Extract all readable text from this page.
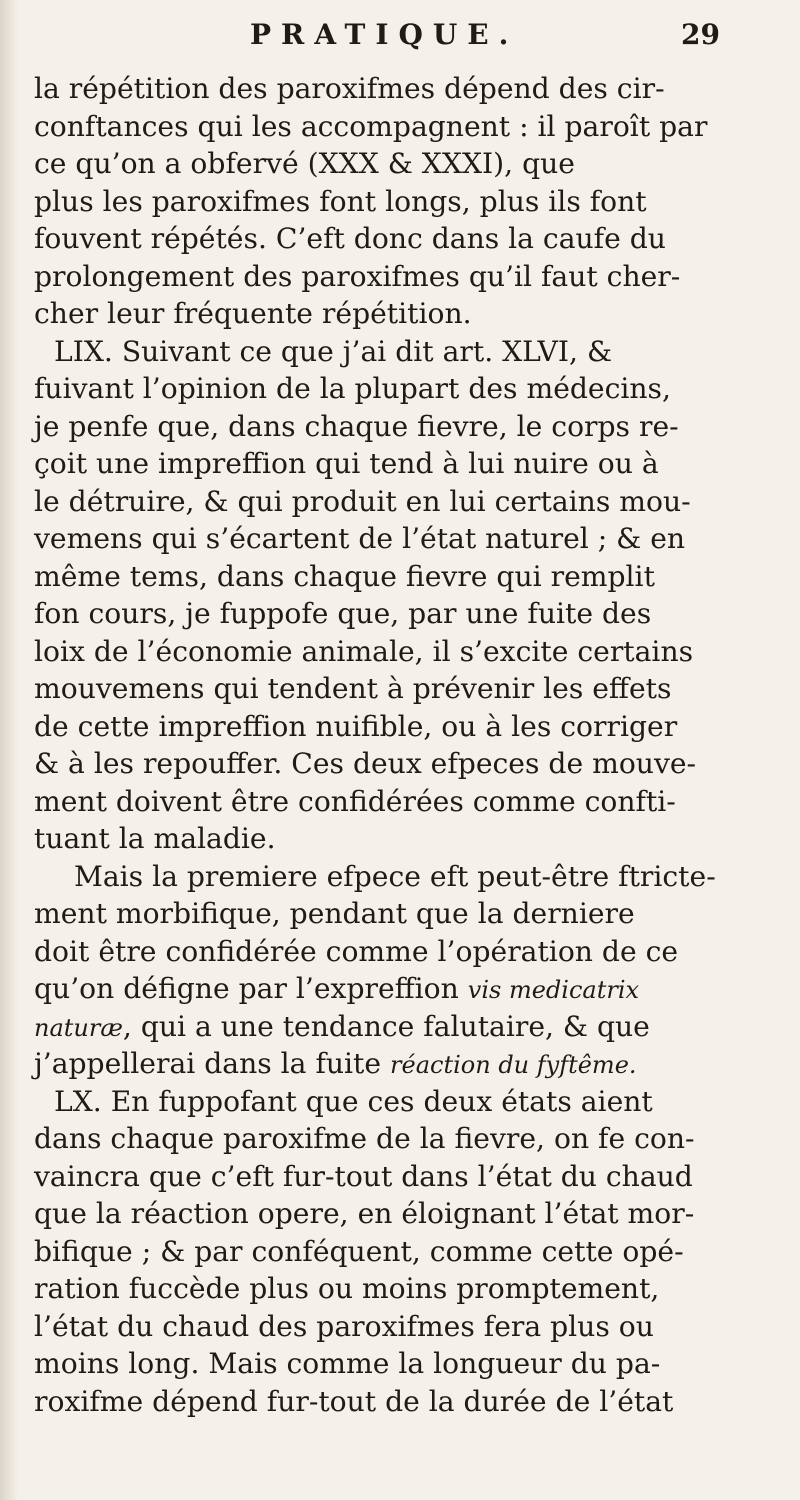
PRATIQUE.	29
la répétition des paroxifmes dépend des cir-
conftances qui les accompagnent : il paroît par
ce qu’on a obfervé (XXX & XXXI), que
plus les paroxifmes font longs, plus ils font
fouvent répétés. C’eft donc dans la caufe du
prolongement des paroxifmes qu’il faut cher-
cher leur fréquente répétition.
LIX. Suivant ce que j’ai dit art. XLVI, &
fuivant l’opinion de la plupart des médecins,
je penfe que, dans chaque fievre, le corps re-
çoit une impreffion qui tend à lui nuire ou à
le détruire, & qui produit en lui certains mou-
vemens qui s’écartent de l’état naturel ; & en
même tems, dans chaque fievre qui remplit
fon cours, je fuppofe que, par une fuite des
loix de l’économie animale, il s’excite certains
mouvemens qui tendent à prévenir les effets
de cette impreffion nuifible, ou à les corriger
& à les repouffer. Ces deux efpeces de mouve-
ment doivent être confidérées comme confti-
tuant la maladie.
Mais la premiere efpece eft peut-être ftricte-
ment morbifique, pendant que la derniere
doit être confidérée comme l’opération de ce
qu’on défigne par l’expreffion vis medicatrix
naturæ, qui a une tendance falutaire, & que
j’appellerai dans la fuite réaction du fyftême.
LX. En fuppofant que ces deux états aient
dans chaque paroxifme de la fievre, on fe con-
vaincra que c’eft fur-tout dans l’état du chaud
que la réaction opere, en éloignant l’état mor-
bifique ; & par conféquent, comme cette opé-
ration fuccède plus ou moins promptement,
l’état du chaud des paroxifmes fera plus ou
moins long. Mais comme la longueur du pa-
roxifme dépend fur-tout de la durée de l’état
